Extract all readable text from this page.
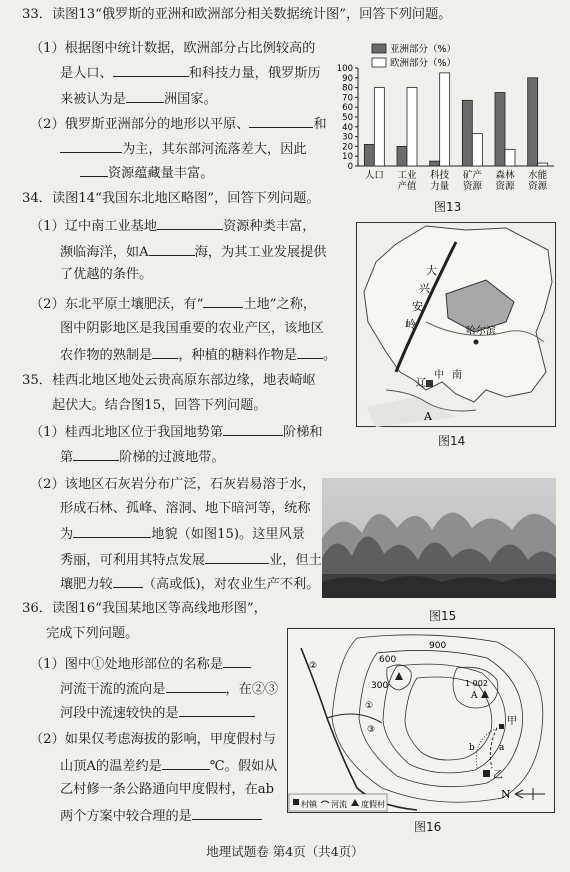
33．读图13“俄罗斯的亚洲和欧洲部分相关数据统计图”，回答下列问题。
（1）根据图中统计数据，欧洲部分占比例较高的
是人口、	和科技力量，俄罗斯历
来被认为是	洲国家。
（2）俄罗斯亚洲部分的地形以平原、	和
为主，其东部河流落差大，因此
资源蕴藏量丰富。	0
10
20
30
40
50
60
70
80
90
100
亚洲部分（%）
欧洲部分（%）
人口 工业
产值
科技
力量
矿产
资源
森林
资源
水能
资源
图13
34．读图14“我国东北地区略图”，回答下列问题。
（1）辽中南工业基地	资源种类丰富，
濒临海洋，如A	海，为其工业发展提供
了优越的条件。
（2）东北平原土壤肥沃，有“	土地”之称，
图中阴影地区是我国重要的农业产区，该地区
农作物的熟制是 ，种植的糖料作物是 。
大
兴
安
岭
哈尔滨
辽
中 南
A
图14
35．桂西北地区地处云贵高原东部边缘，地表崎岖
起伏大。结合图15，回答下列问题。
（1）桂西北地区位于我国地势第	阶梯和
第	阶梯的过渡地带。
（2）该地区石灰岩分布广泛，石灰岩易溶于水，
形成石林、孤峰、溶洞、地下暗河等，统称
为	地貌（如图15)。这里风景
秀丽，可利用其特点发展	业，但土
壤肥力较 （高或低)，对农业生产不利。
图15
36．读图16“我国某地区等高线地形图”，
完成下列问题。
（1）图中①处地形部位的名称是
河流干流的流向是	，在②③
河段中流速较快的是
（2）如果仅考虑海拔的影响，甲度假村与
山顶A的温差约是	℃。假如从
乙村修一条公路通向甲度假村，在ab
两个方案中较合理的是
900
600
300	1 002
A
①
②
③
a
b
甲
乙
N
村镇 河流 度假村
图16
地理试题卷 第4页（共4页）
